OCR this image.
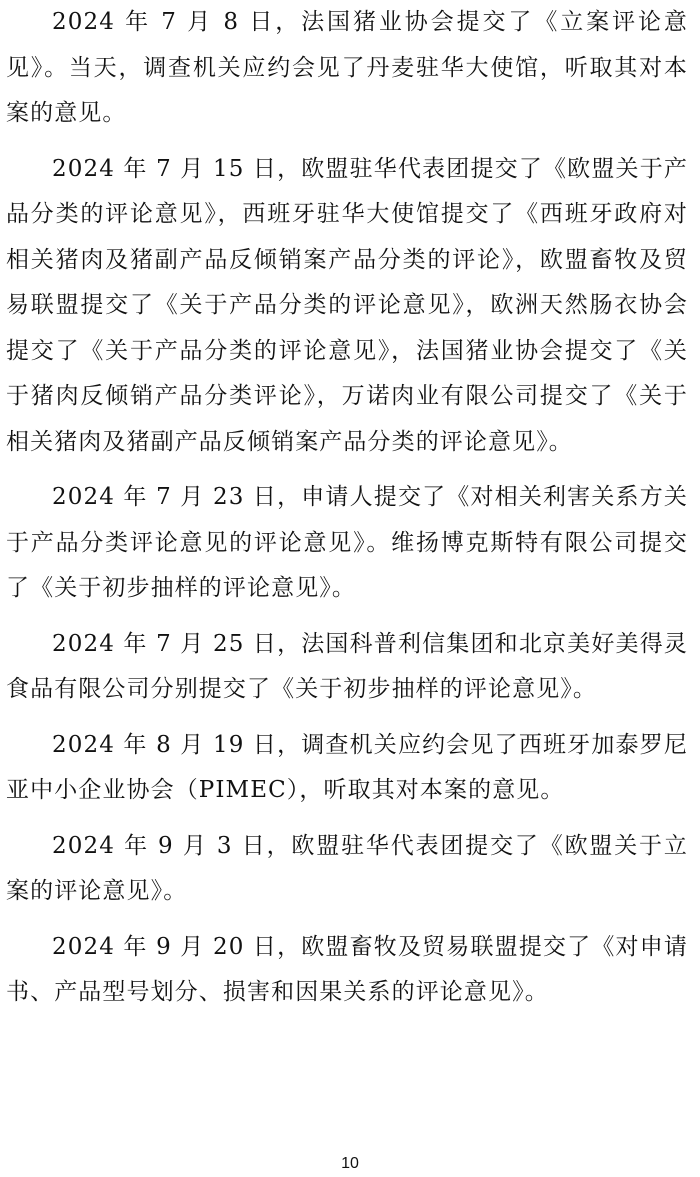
2024 年 7 月 8 日，法国猪业协会提交了《立案评论意见》。当天，调查机关应约会见了丹麦驻华大使馆，听取其对本案的意见。

2024 年 7 月 15 日，欧盟驻华代表团提交了《欧盟关于产品分类的评论意见》，西班牙驻华大使馆提交了《西班牙政府对相关猪肉及猪副产品反倾销案产品分类的评论》，欧盟畜牧及贸易联盟提交了《关于产品分类的评论意见》，欧洲天然肠衣协会提交了《关于产品分类的评论意见》，法国猪业协会提交了《关于猪肉反倾销产品分类评论》，万诺肉业有限公司提交了《关于相关猪肉及猪副产品反倾销案产品分类的评论意见》。

2024 年 7 月 23 日，申请人提交了《对相关利害关系方关于产品分类评论意见的评论意见》。维扬博克斯特有限公司提交了《关于初步抽样的评论意见》。

2024 年 7 月 25 日，法国科普利信集团和北京美好美得灵食品有限公司分别提交了《关于初步抽样的评论意见》。

2024 年 8 月 19 日，调查机关应约会见了西班牙加泰罗尼亚中小企业协会（PIMEC），听取其对本案的意见。

2024 年 9 月 3 日，欧盟驻华代表团提交了《欧盟关于立案的评论意见》。

2024 年 9 月 20 日，欧盟畜牧及贸易联盟提交了《对申请书、产品型号划分、损害和因果关系的评论意见》。

10
